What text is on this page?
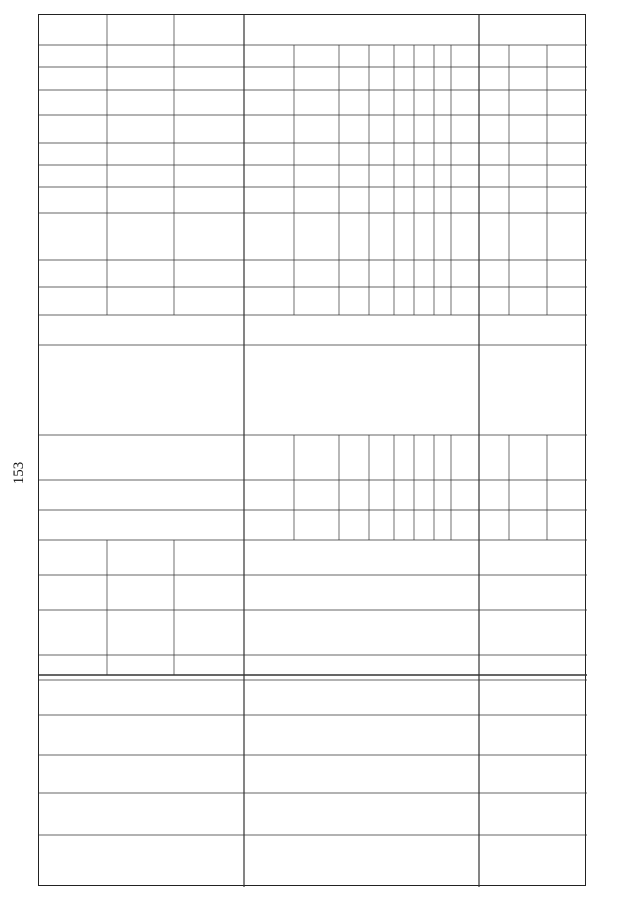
153
